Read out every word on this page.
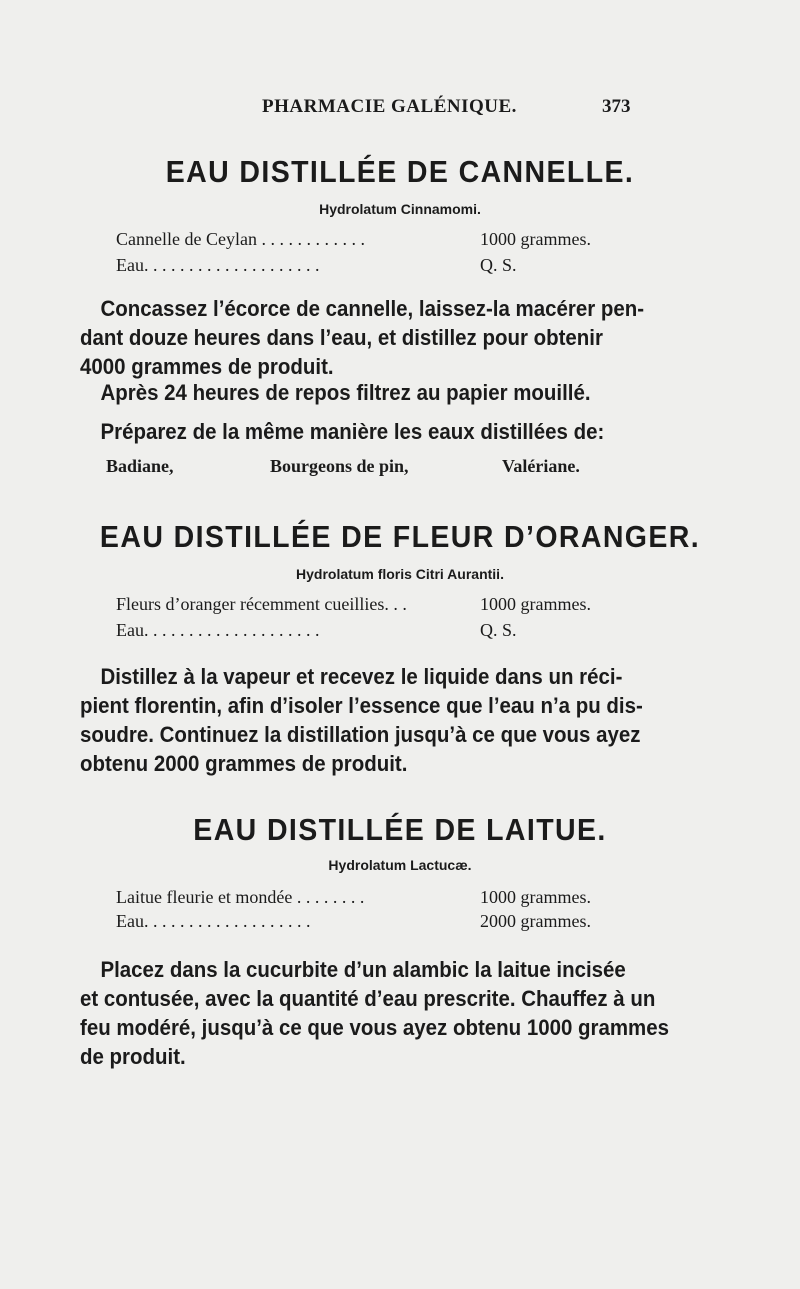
PHARMACIE GALÉNIQUE.	373
EAU DISTILLÉE DE CANNELLE.
Hydrolatum Cinnamomi.
Cannelle de Ceylan . . . . . . . . . . . .	1000 grammes.
Eau. . . . . . . . . . . . . . . . . . . .	Q. S.
Concassez l’écorce de cannelle, laissez-la macérer pen-
dant douze heures dans l’eau, et distillez pour obtenir
4000 grammes de produit.
Après 24 heures de repos filtrez au papier mouillé.
Préparez de la même manière les eaux distillées de:
Badiane,	Bourgeons de pin,	Valériane.
EAU DISTILLÉE DE FLEUR D’ORANGER.
Hydrolatum floris Citri Aurantii.
Fleurs d’oranger récemment cueillies. . .	1000 grammes.
Eau. . . . . . . . . . . . . . . . . . . .	Q. S.
Distillez à la vapeur et recevez le liquide dans un réci-
pient florentin, afin d’isoler l’essence que l’eau n’a pu dis-
soudre. Continuez la distillation jusqu’à ce que vous ayez
obtenu 2000 grammes de produit.
EAU DISTILLÉE DE LAITUE.
Hydrolatum Lactucæ.
Laitue fleurie et mondée . . . . . . . .	1000 grammes.
Eau. . . . . . . . . . . . . . . . . . .	2000 grammes.
Placez dans la cucurbite d’un alambic la laitue incisée
et contusée, avec la quantité d’eau prescrite. Chauffez à un
feu modéré, jusqu’à ce que vous ayez obtenu 1000 grammes
de produit.
